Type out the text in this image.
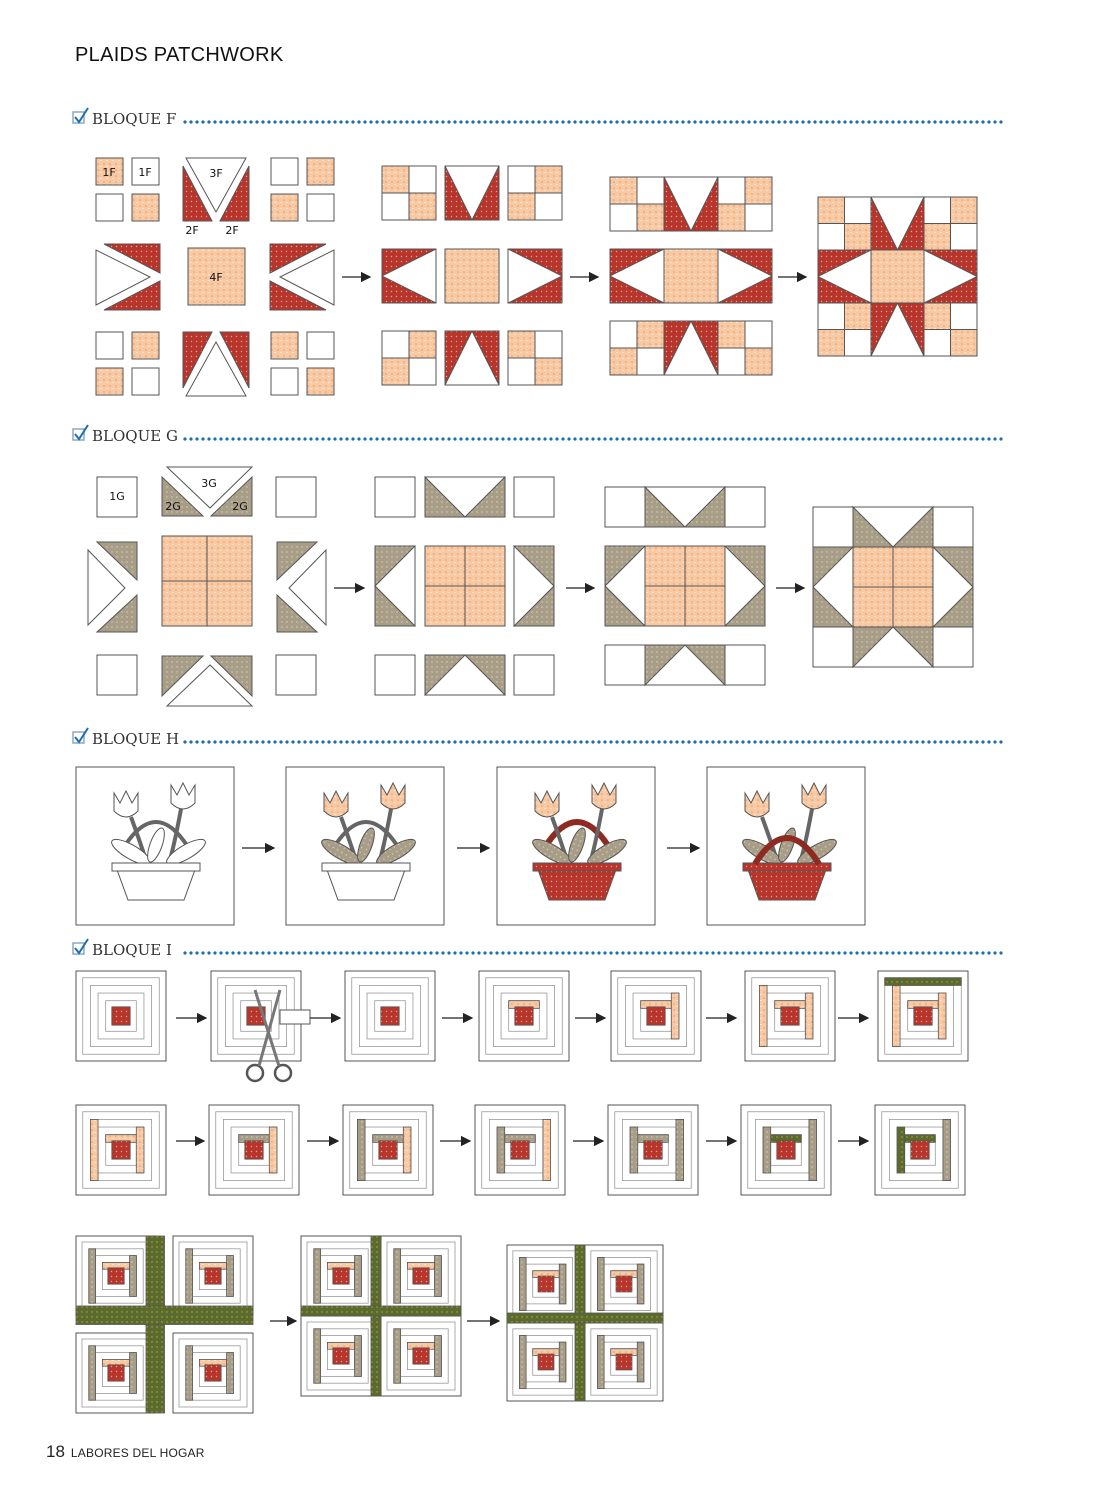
1F 1F	3F
2F 2F
4F
1G
3G
2G	2G
PLAIDS PATCHWORK
BLOQUE F
BLOQUE G
BLOQUE H
BLOQUE I
18 LABORES DEL HOGAR
